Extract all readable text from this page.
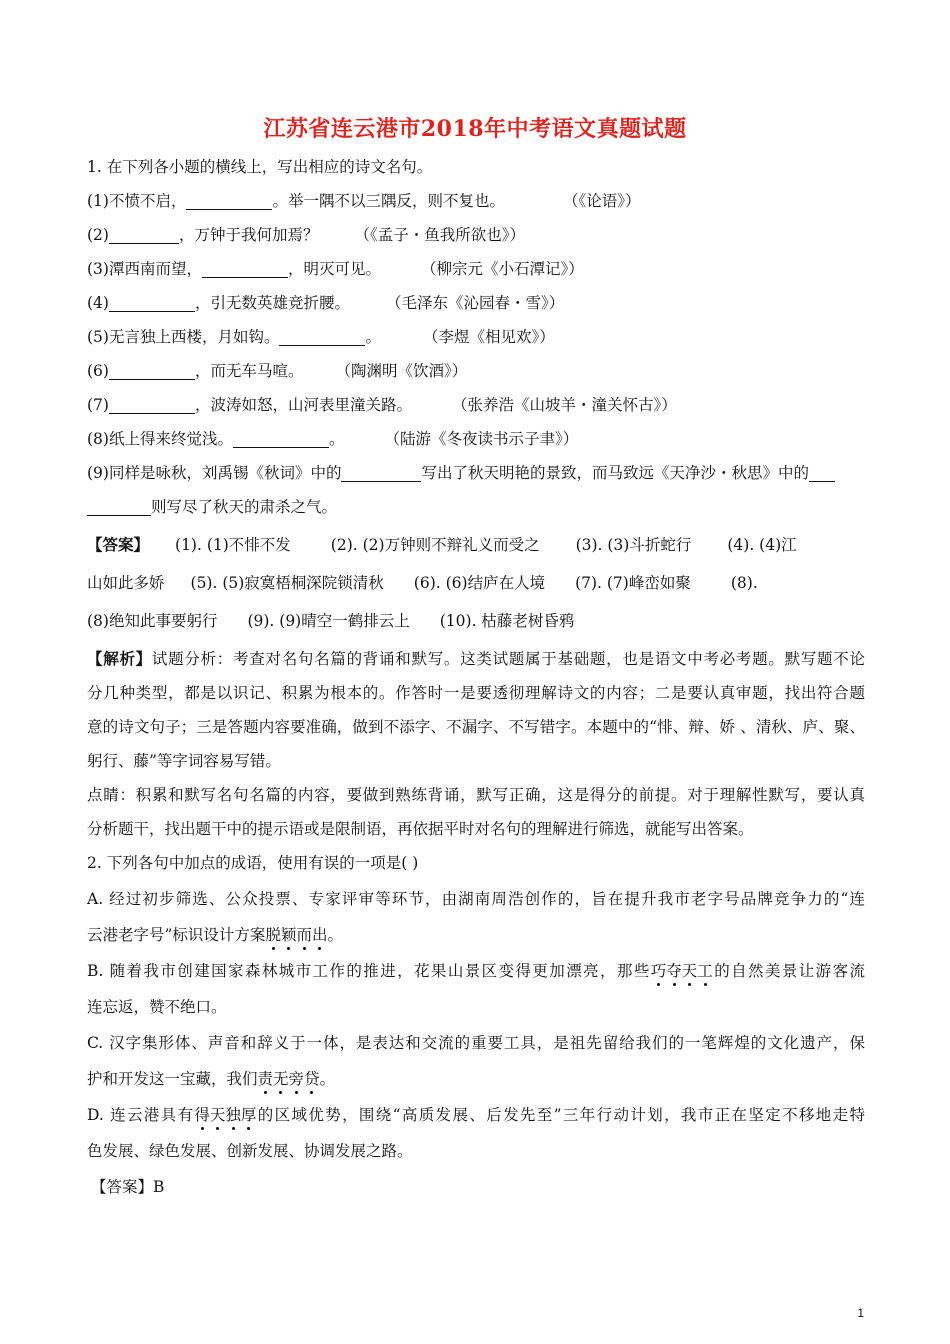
江苏省连云港市2018年中考语文真题试题
1. 在下列各小题的横线上，写出相应的诗文名句。
(1)不愤不启，	。举一隅不以三隅反，则不复也。	（《论语》）
(2)	，万钟于我何加焉？ （《孟子・鱼我所欲也》）
(3)潭西南而望，	，明灭可见。	（柳宗元《小石潭记》）
(4)	，引无数英雄竞折腰。 （毛泽东《沁园春・雪》）
(5)无言独上西楼，月如钩。	。	（李煜《相见欢》）
(6)	，而无车马喧。 （陶渊明《饮酒》）
(7)	，波涛如怒，山河表里潼关路。	（张养浩《山坡羊・潼关怀古》）
(8)纸上得来终觉浅。	。	（陆游《冬夜读书示子聿》）
(9)同样是咏秋，刘禹锡《秋词》中的	写出了秋天明艳的景致，而马致远《天净沙・秋思》中的
则写尽了秋天的肃杀之气。
【答案】 (1). (1)不悱不发	(2). (2)万钟则不辩礼义而受之 (3). (3)斗折蛇行 (4). (4)江
山如此多娇 (5). (5)寂寞梧桐深院锁清秋 (6). (6)结庐在人境 (7). (7)峰峦如聚	(8).
(8)绝知此事要躬行 (9). (9)晴空一鹤排云上 (10). 枯藤老树昏鸦
【解析】试题分析：考查对名句名篇的背诵和默写。这类试题属于基础题，也是语文中考必考题。默写题不论
分几种类型，都是以识记、积累为根本的。作答时一是要透彻理解诗文的内容；二是要认真审题，找出符合题
意的诗文句子；三是答题内容要准确，做到不添字、不漏字、不写错字。本题中的“悱、辩、娇 、清秋、庐、聚、
躬行、藤”等字词容易写错。
点睛：积累和默写名句名篇的内容，要做到熟练背诵，默写正确，这是得分的前提。对于理解性默写，要认真
分析题干，找出题干中的提示语或是限制语，再依据平时对名句的理解进行筛选，就能写出答案。
2. 下列各句中加点的成语，使用有误的一项是( )
A. 经过初步筛选、公众投票、专家评审等环节，由湖南周浩创作的，旨在提升我市老字号品牌竞争力的“连
云港老字号”标识设计方案脱颖而出。
B. 随着我市创建国家森林城市工作的推进，花果山景区变得更加漂亮，那些巧夺天工的自然美景让游客流
连忘返，赞不绝口。
C. 汉字集形体、声音和辞义于一体，是表达和交流的重要工具，是祖先留给我们的一笔辉煌的文化遗产，保
护和开发这一宝藏，我们责无旁贷。
D. 连云港具有得天独厚的区域优势，围绕“高质发展、后发先至”三年行动计划，我市正在坚定不移地走特
色发展、绿色发展、创新发展、协调发展之路。
【答案】B
1
